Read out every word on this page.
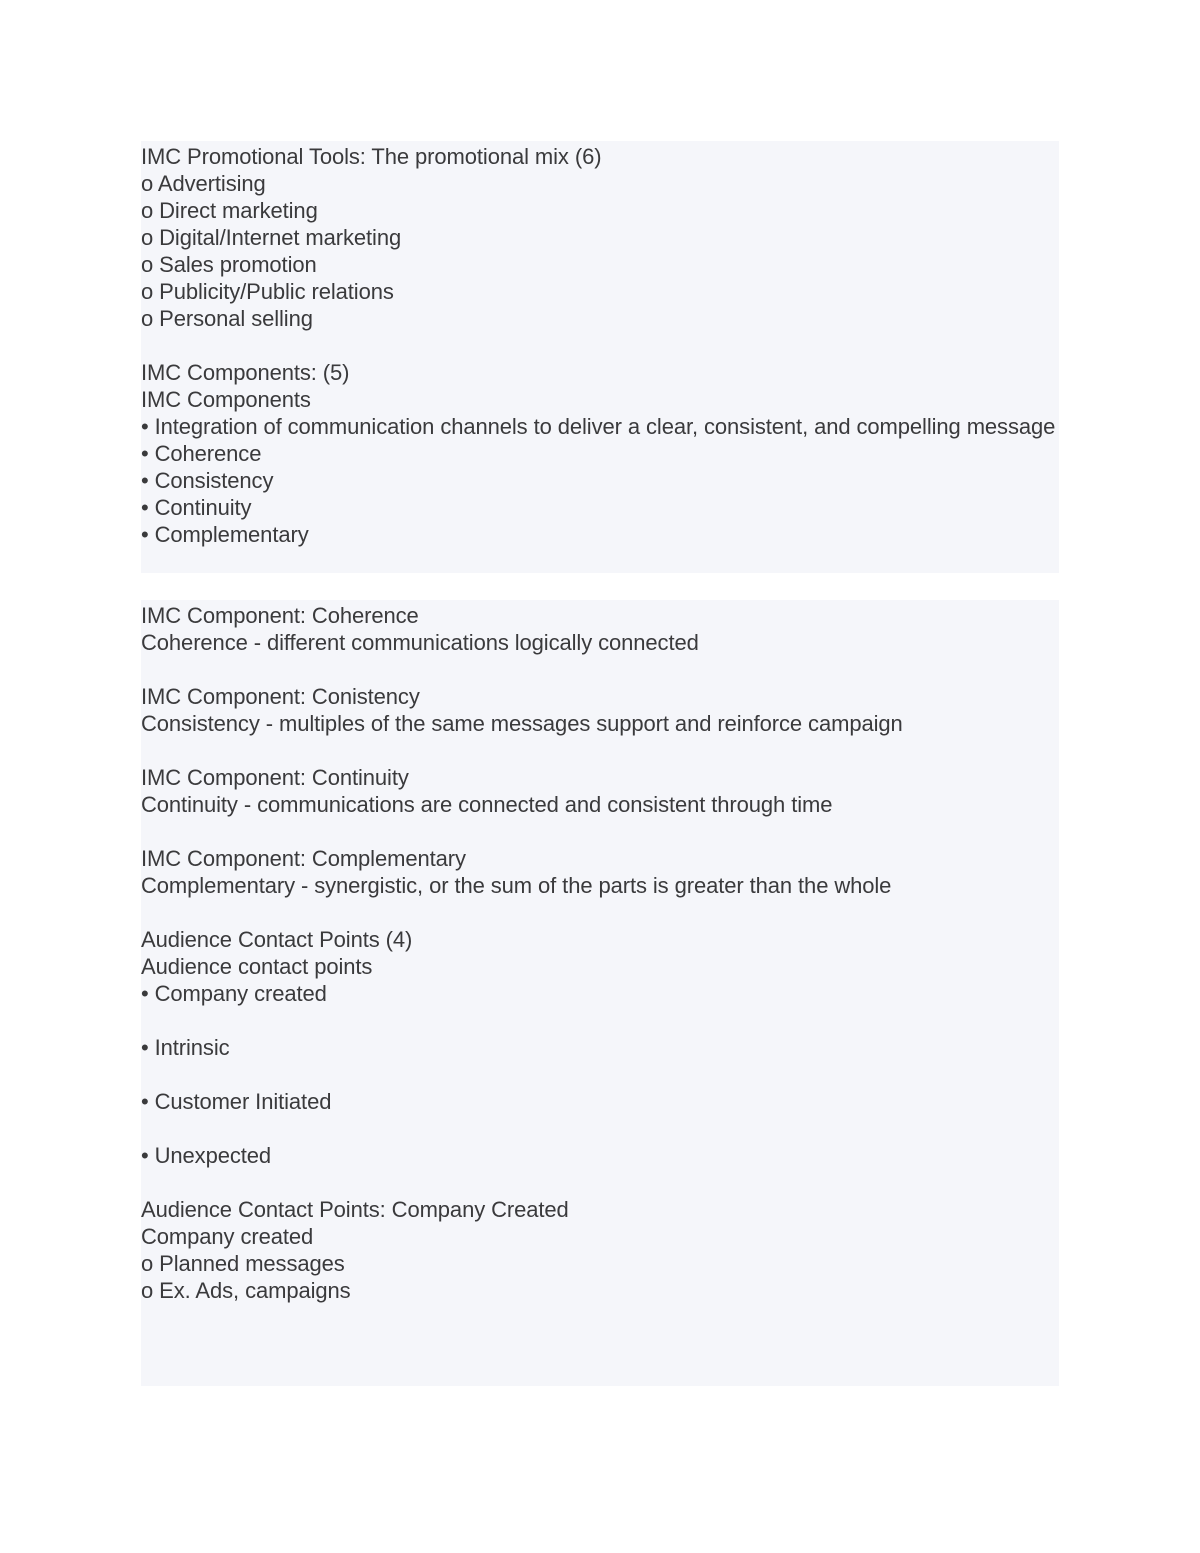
IMC Promotional Tools: The promotional mix (6)
o Advertising
o Direct marketing
o Digital/Internet marketing
o Sales promotion
o Publicity/Public relations
o Personal selling
IMC Components: (5)
IMC Components
• Integration of communication channels to deliver a clear, consistent, and compelling message
• Coherence
• Consistency
• Continuity
• Complementary
IMC Component: Coherence
Coherence - different communications logically connected
IMC Component: Conistency
Consistency - multiples of the same messages support and reinforce campaign
IMC Component: Continuity
Continuity - communications are connected and consistent through time
IMC Component: Complementary
Complementary - synergistic, or the sum of the parts is greater than the whole
Audience Contact Points (4)
Audience contact points
• Company created
• Intrinsic
• Customer Initiated
• Unexpected
Audience Contact Points: Company Created
Company created
o Planned messages
o Ex. Ads, campaigns
